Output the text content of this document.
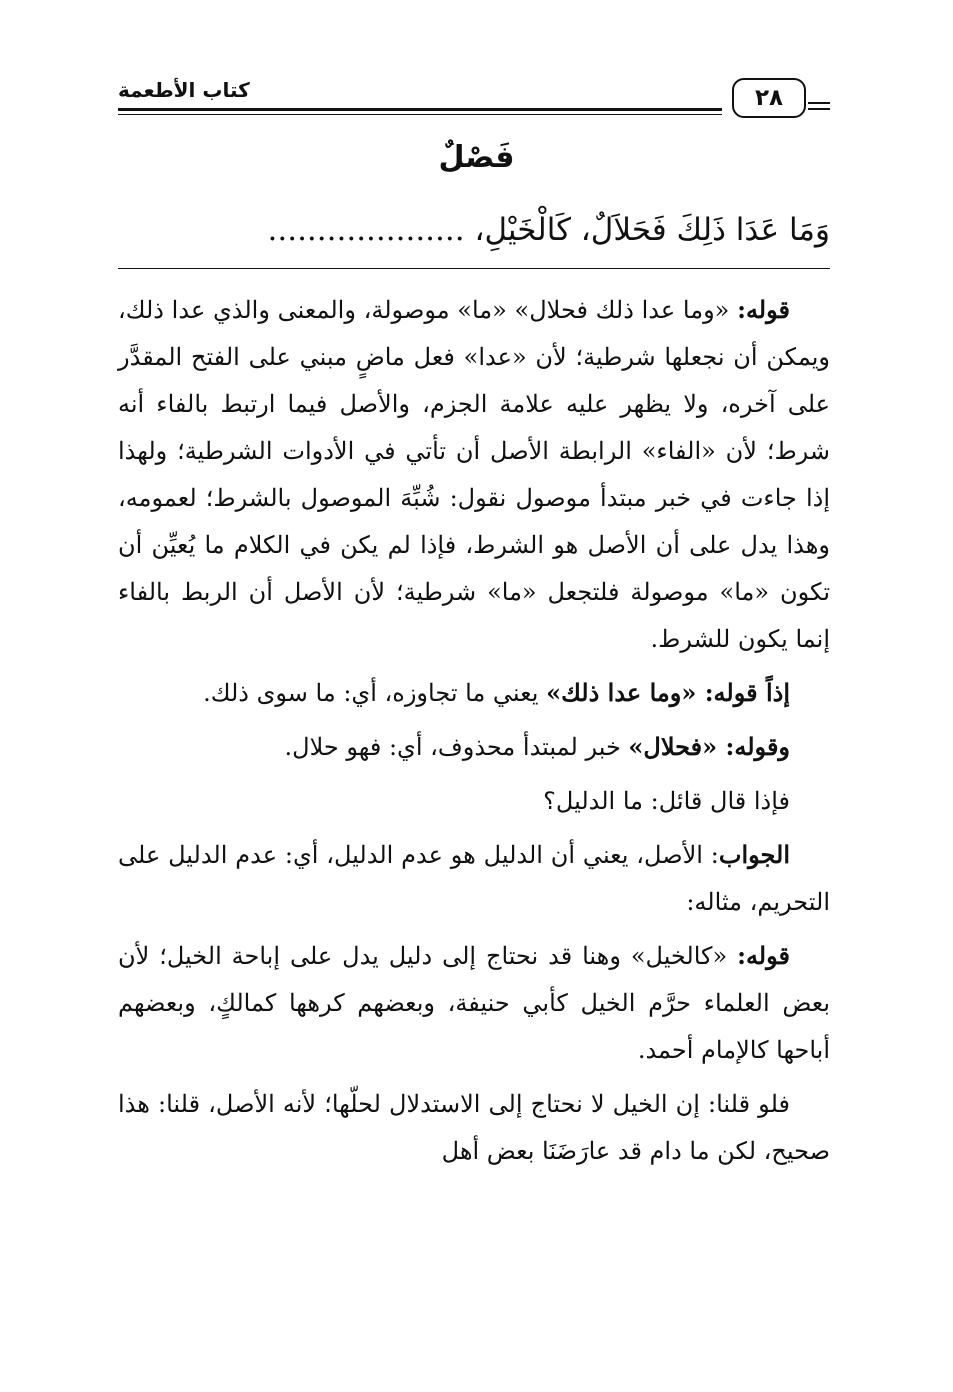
كتاب الأطعمة	٢٨
فَصْلٌ
وَمَا عَدَا ذَلِكَ فَحَلاَلٌ، كَالْخَيْلِ، ....................

قوله: «وما عدا ذلك فحلال» «ما» موصولة، والمعنى والذي عدا ذلك، ويمكن أن نجعلها شرطية؛ لأن «عدا» فعل ماضٍ مبني على الفتح المقدَّر على آخره، ولا يظهر عليه علامة الجزم، والأصل فيما ارتبط بالفاء أنه شرط؛ لأن «الفاء» الرابطة الأصل أن تأتي في الأدوات الشرطية؛ ولهذا إذا جاءت في خبر مبتدأ موصول نقول: شُبِّهَ الموصول بالشرط؛ لعمومه، وهذا يدل على أن الأصل هو الشرط، فإذا لم يكن في الكلام ما يُعيِّن أن تكون «ما» موصولة فلتجعل «ما» شرطية؛ لأن الأصل أن الربط بالفاء إنما يكون للشرط.

إذاً قوله: «وما عدا ذلك» يعني ما تجاوزه، أي: ما سوى ذلك.

وقوله: «فحلال» خبر لمبتدأ محذوف، أي: فهو حلال.

فإذا قال قائل: ما الدليل؟

الجواب: الأصل، يعني أن الدليل هو عدم الدليل، أي: عدم الدليل على التحريم، مثاله:

قوله: «كالخيل» وهنا قد نحتاج إلى دليل يدل على إباحة الخيل؛ لأن بعض العلماء حرَّم الخيل كأبي حنيفة، وبعضهم كرهها كمالكٍ، وبعضهم أباحها كالإمام أحمد.

فلو قلنا: إن الخيل لا نحتاج إلى الاستدلال لحلّها؛ لأنه الأصل، قلنا: هذا صحيح، لكن ما دام قد عارَضَنَا بعض أهل
